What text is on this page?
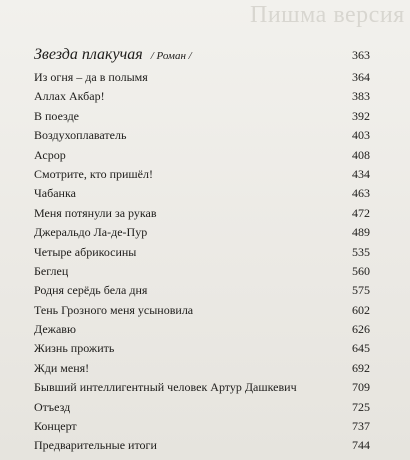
Пишма версия
Звезда плакучая / Роман /	363
Из огня – да в полымя	364
Аллах Акбар!	383
В поезде	392
Воздухоплаватель	403
Асрор	408
Смотрите, кто пришёл!	434
Чабанка	463
Меня потянули за рукав	472
Джеральдо Ла-де-Пур	489
Четыре абрикосины	535
Беглец	560
Родня серёдь бела дня	575
Тень Грозного меня усыновила	602
Дежавю	626
Жизнь прожить	645
Жди меня!	692
Бывший интеллигентный человек Артур Дашкевич	709
Отъезд	725
Концерт	737
Предварительные итоги	744
